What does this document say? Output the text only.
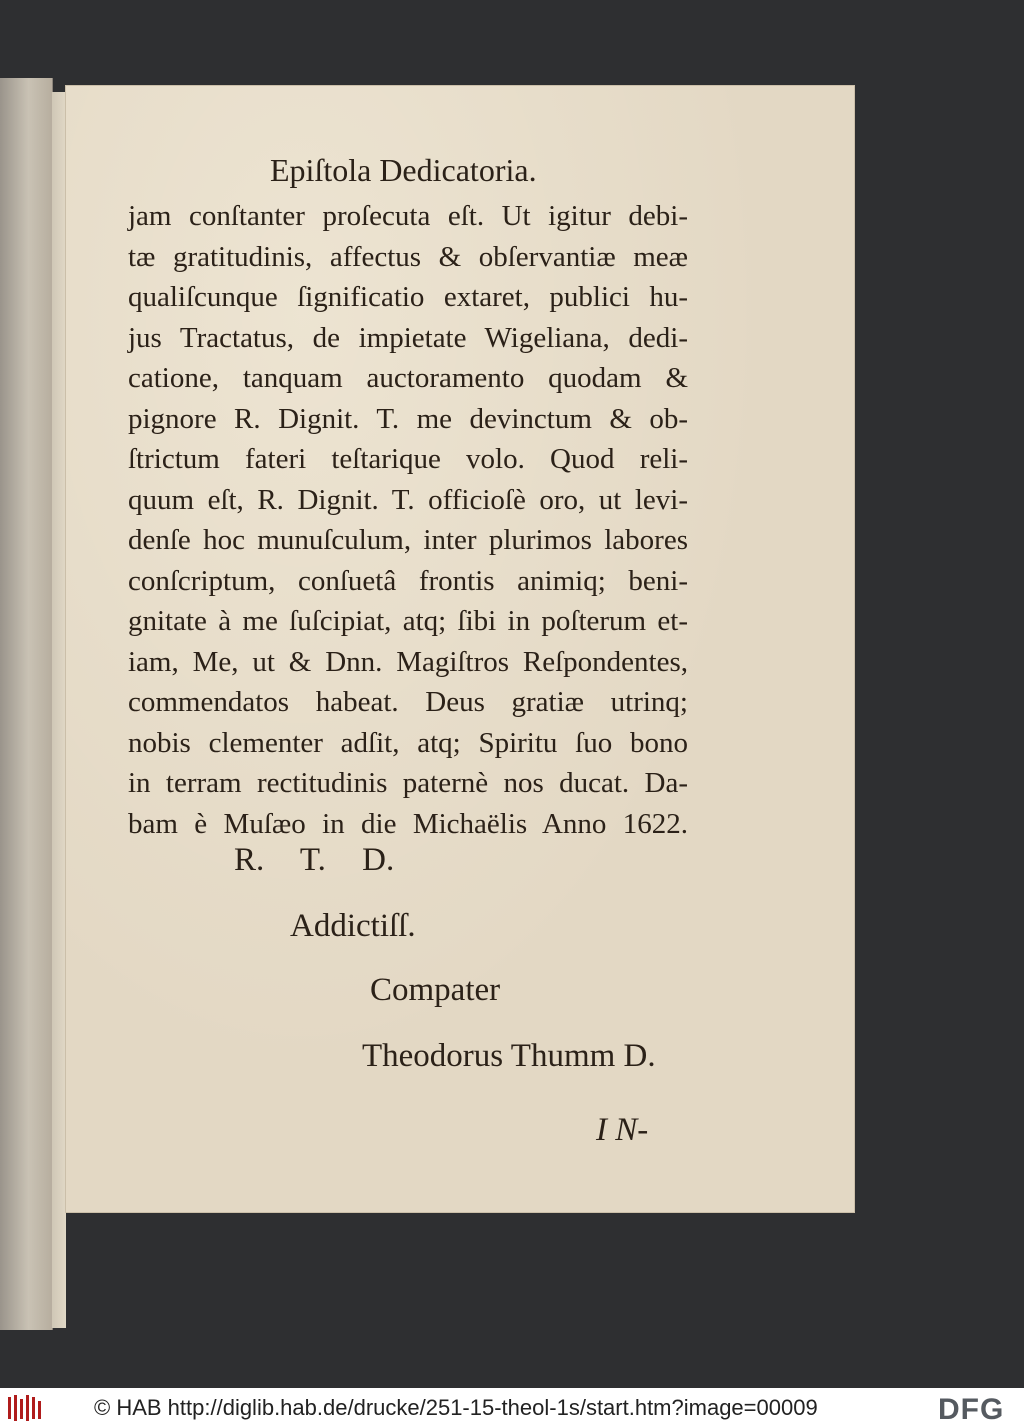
Epiſtola Dedicatoria.
jam conſtanter proſecuta eſt. Ut igitur debi-
tæ gratitudinis, affectus & obſervantiæ meæ
qualiſcunque ſignificatio extaret, publici hu-
jus Tractatus, de impietate Wigeliana, dedi-
catione, tanquam auctoramento quodam &
pignore R. Dignit. T. me devinctum & ob-
ſtrictum fateri teſtarique volo. Quod reli-
quum eſt, R. Dignit. T. officioſè oro, ut levi-
denſe hoc munuſculum, inter plurimos labores
conſcriptum, conſuetâ frontis animiq; beni-
gnitate à me ſuſcipiat, atq; ſibi in poſterum et-
iam, Me, ut & Dnn. Magiſtros Reſpondentes,
commendatos habeat. Deus gratiæ utrinq;
nobis clementer adſit, atq; Spiritu ſuo bono
in terram rectitudinis paternè nos ducat. Da-
bam è Muſæo in die Michaëlis Anno 1622.
R. T. D.
Addictiſſ.
Compater
Theodorus Thumm D.
I N-
© HAB http://diglib.hab.de/drucke/251-15-theol-1s/start.htm?image=00009	DFG
